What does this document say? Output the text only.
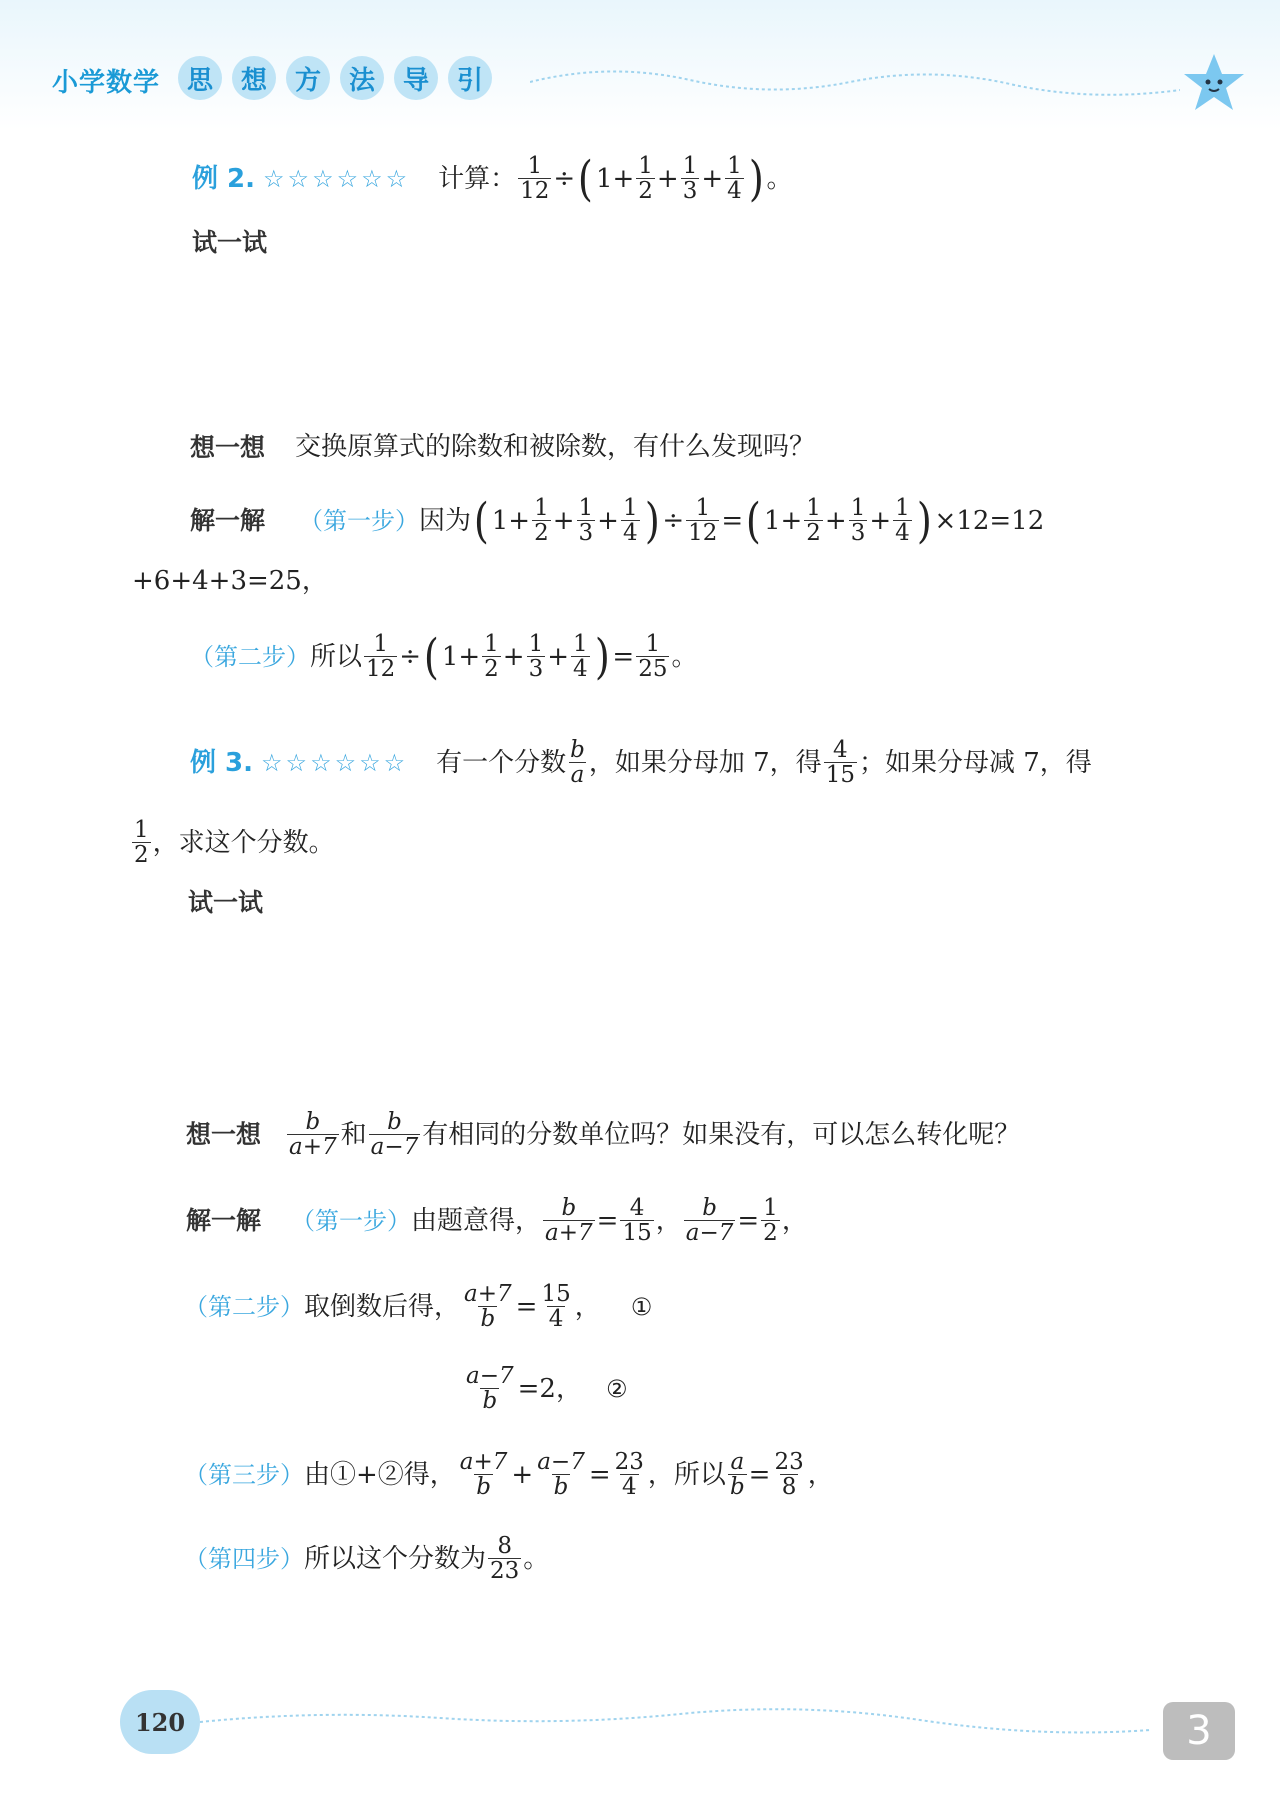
小学数学	思	想	方	法	导	引
例 2. ☆☆☆☆☆☆ 计算： $\frac{1}{12}$ ÷ ( $1+ \frac{1}{2} + \frac{1}{3} + \frac{1}{4}$ ) 。
试一试
想一想 交换原算式的除数和被除数，有什么发现吗？
解一解 （第一步） 因为 ( $1+ \frac{1}{2} + \frac{1}{3} + \frac{1}{4}$ ) ÷ $\frac{1}{12}$ = ( $1+ \frac{1}{2} + \frac{1}{3} + \frac{1}{4}$ ) ×12=12
+6+4+3=25，
（第二步） 所以 $\frac{1}{12}$ ÷ ( $1+ \frac{1}{2} + \frac{1}{3} + \frac{1}{4}$ ) = $\frac{1}{25}$ 。
例 3. ☆☆☆☆☆☆ 有一个分数 $\frac{b}{a}$ ，如果分母加 7，得 $\frac{4}{15}$ ；如果分母减 7，得
$\frac{1}{2}$ ，求这个分数。
试一试
想一想 $\frac{b}{a+7}$ 和 $\frac{b}{a-7}$ 有相同的分数单位吗？如果没有，可以怎么转化呢？
解一解 （第一步） 由题意得， $\frac{b}{a+7} = \frac{4}{15}$ ， $\frac{b}{a-7} = \frac{1}{2}$ ，
（第二步） 取倒数后得， $\frac{a+7}{b} = \frac{15}{4}$ ， ①
$\frac{a-7}{b} =2$， ②
（第三步） 由①+②得， $\frac{a+7}{b} + \frac{a-7}{b} = \frac{23}{4}$ ，所以 $\frac{a}{b} = \frac{23}{8}$ ，
（第四步） 所以这个分数为 $\frac{8}{23}$ 。
120	3
